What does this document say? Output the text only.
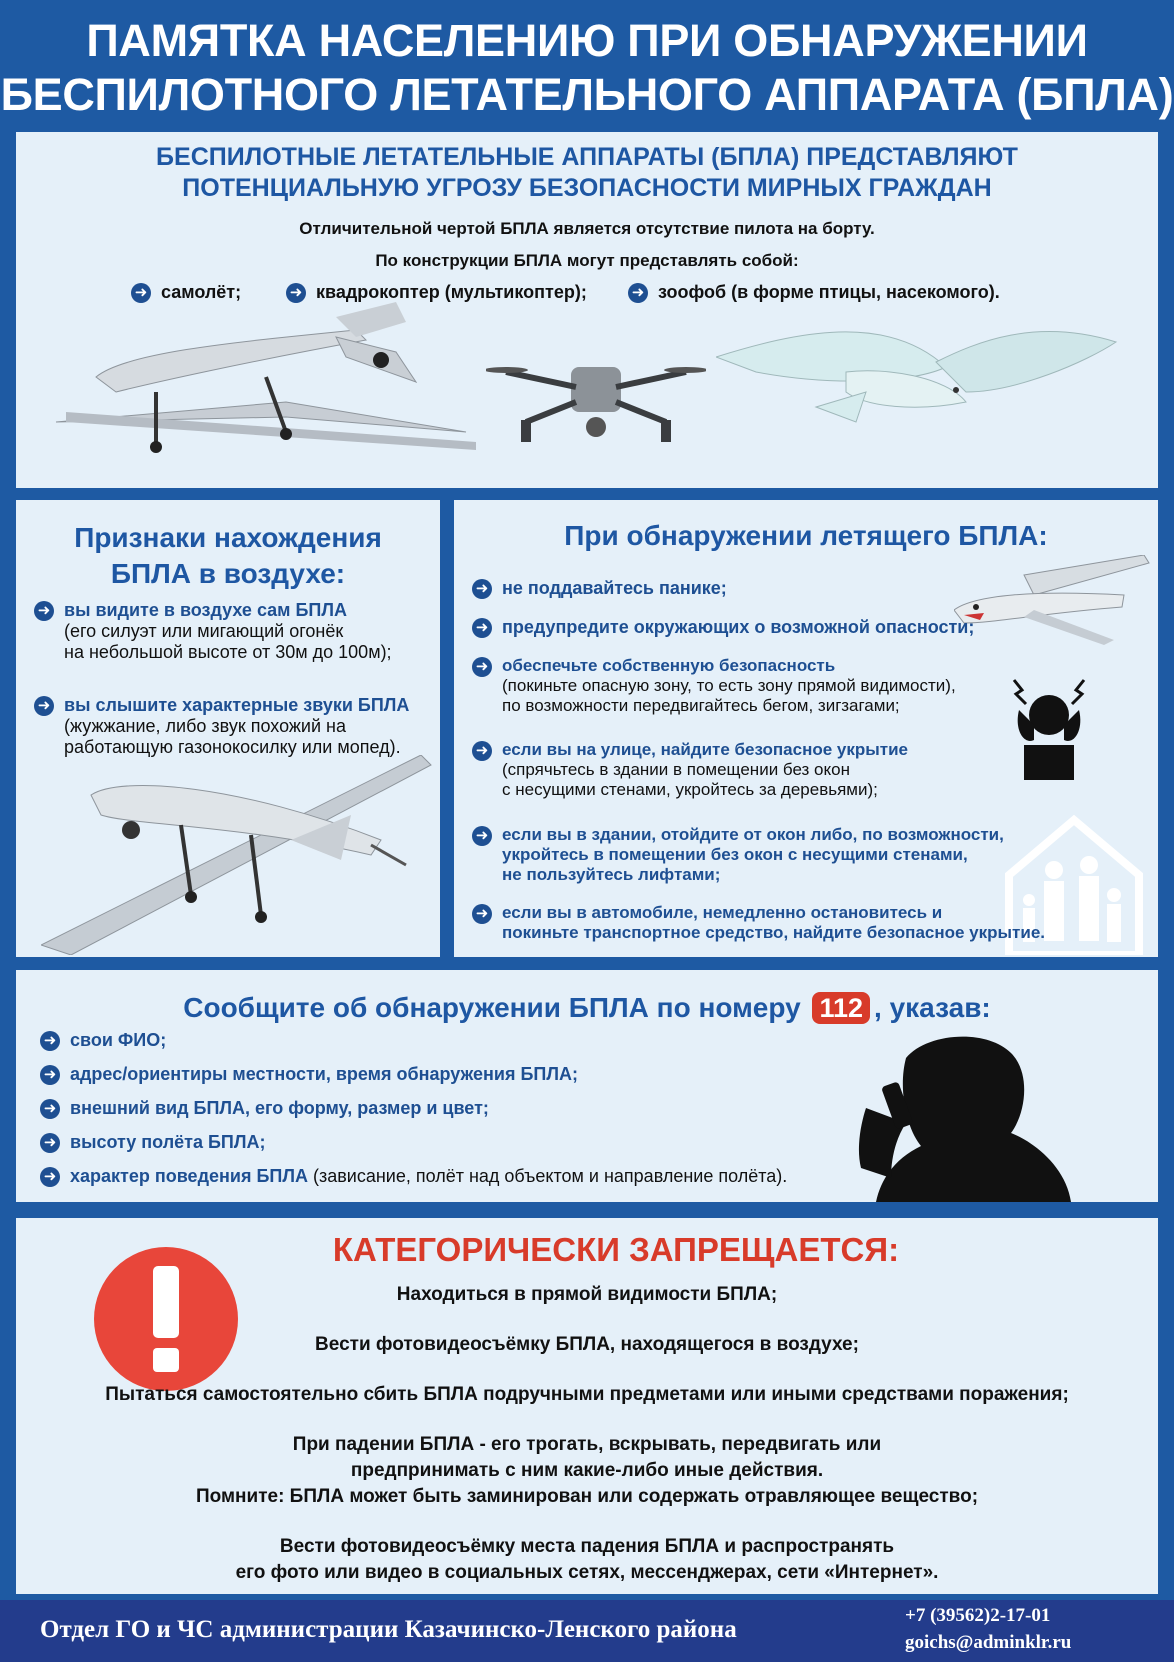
ПАМЯТКА НАСЕЛЕНИЮ ПРИ ОБНАРУЖЕНИИ
БЕСПИЛОТНОГО ЛЕТАТЕЛЬНОГО АППАРАТА (БПЛА)
БЕСПИЛОТНЫЕ ЛЕТАТЕЛЬНЫЕ АППАРАТЫ (БПЛА) ПРЕДСТАВЛЯЮТ
ПОТЕНЦИАЛЬНУЮ УГРОЗУ БЕЗОПАСНОСТИ МИРНЫХ ГРАЖДАН
Отличительной чертой БПЛА является отсутствие пилота на борту.
По конструкции БПЛА могут представлять собой:
➜ самолёт;	➜ квадрокоптер (мультикоптер);	➜ зоофоб (в форме птицы, насекомого).
Признаки нахождения
БПЛА в воздухе:
➜ вы видите в воздухе сам БПЛА
(его силуэт или мигающий огонёк
на небольшой высоте от 30м до 100м);
➜ вы слышите характерные звуки БПЛА
(жужжание, либо звук похожий на
работающую газонокосилку или мопед).
При обнаружении летящего БПЛА:
➜ не поддавайтесь панике;
➜ предупредите окружающих о возможной опасности;
➜ обеспечьте собственную безопасность
(покиньте опасную зону, то есть зону прямой видимости),
по возможности передвигайтесь бегом, зигзагами;
➜ если вы на улице, найдите безопасное укрытие
(спрячьтесь в здании в помещении без окон
с несущими стенами, укройтесь за деревьями);
➜ если вы в здании, отойдите от окон либо, по возможности,
укройтесь в помещении без окон с несущими стенами,
не пользуйтесь лифтами;
➜ если вы в автомобиле, немедленно остановитесь и
покиньте транспортное средство, найдите безопасное укрытие.
Сообщите об обнаружении БПЛА по номеру 112 , указав:
➜ свои ФИО;
➜ адрес/ориентиры местности, время обнаружения БПЛА;
➜ внешний вид БПЛА, его форму, размер и цвет;
➜ высоту полёта БПЛА;
➜ характер поведения БПЛА (зависание, полёт над объектом и направление полёта).
КАТЕГОРИЧЕСКИ ЗАПРЕЩАЕТСЯ:
Находиться в прямой видимости БПЛА;
Вести фотовидеосъёмку БПЛА, находящегося в воздухе;
Пытаться самостоятельно сбить БПЛА подручными предметами или иными средствами поражения;
При падении БПЛА - его трогать, вскрывать, передвигать или
предпринимать с ним какие-либо иные действия.
Помните: БПЛА может быть заминирован или содержать отравляющее вещество;
Вести фотовидеосъёмку места падения БПЛА и распространять
его фото или видео в социальных сетях, мессенджерах, сети «Интернет».
Отдел ГО и ЧС администрации Казачинско-Ленского района
+7 (39562)2-17-01
goichs@adminklr.ru
